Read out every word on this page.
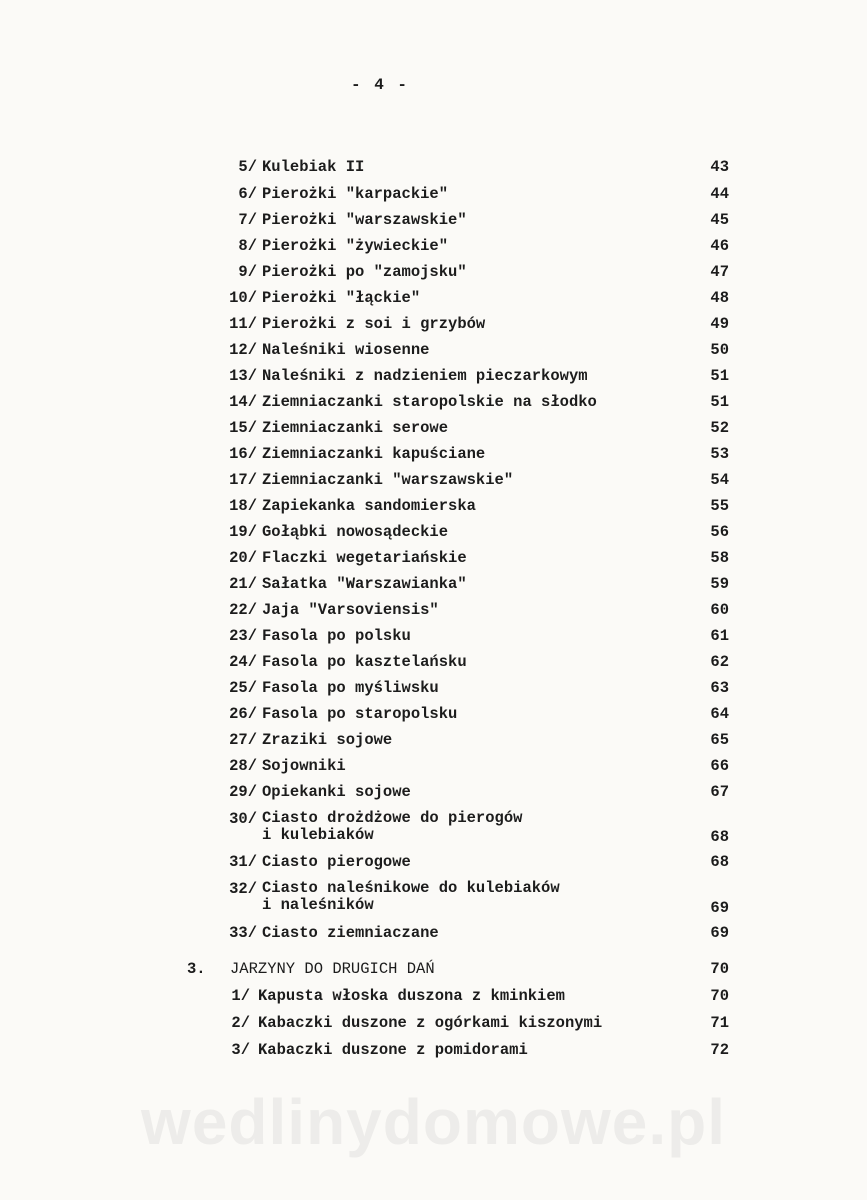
- 4 -
5/ Kulebiak II	43
6/ Pierożki "karpackie"	44
7/ Pierożki "warszawskie"	45
8/ Pierożki "żywieckie"	46
9/ Pierożki po "zamojsku"	47
10/ Pierożki "łąckie"	48
11/ Pierożki z soi i grzybów	49
12/ Naleśniki wiosenne	50
13/ Naleśniki z nadzieniem pieczarkowym	51
14/ Ziemniaczanki staropolskie na słodko	51
15/ Ziemniaczanki serowe	52
16/ Ziemniaczanki kapuściane	53
17/ Ziemniaczanki "warszawskie"	54
18/ Zapiekanka sandomierska	55
19/ Gołąbki nowosądeckie	56
20/ Flaczki wegetariańskie	58
21/ Sałatka "Warszawianka"	59
22/ Jaja "Varsoviensis"	60
23/ Fasola po polsku	61
24/ Fasola po kasztelańsku	62
25/ Fasola po myśliwsku	63
26/ Fasola po staropolsku	64
27/ Zraziki sojowe	65
28/ Sojowniki	66
29/ Opiekanki sojowe	67
30/ Ciasto drożdżowe do pierogów
i kulebiaków	68
31/ Ciasto pierogowe	68
32/ Ciasto naleśnikowe do kulebiaków
i naleśników	69
33/ Ciasto ziemniaczane	69
3. JARZYNY DO DRUGICH DAŃ	70
1/ Kapusta włoska duszona z kminkiem	70
2/ Kabaczki duszone z ogórkami kiszonymi	71
3/ Kabaczki duszone z pomidorami	72
wedlinydomowe.pl
